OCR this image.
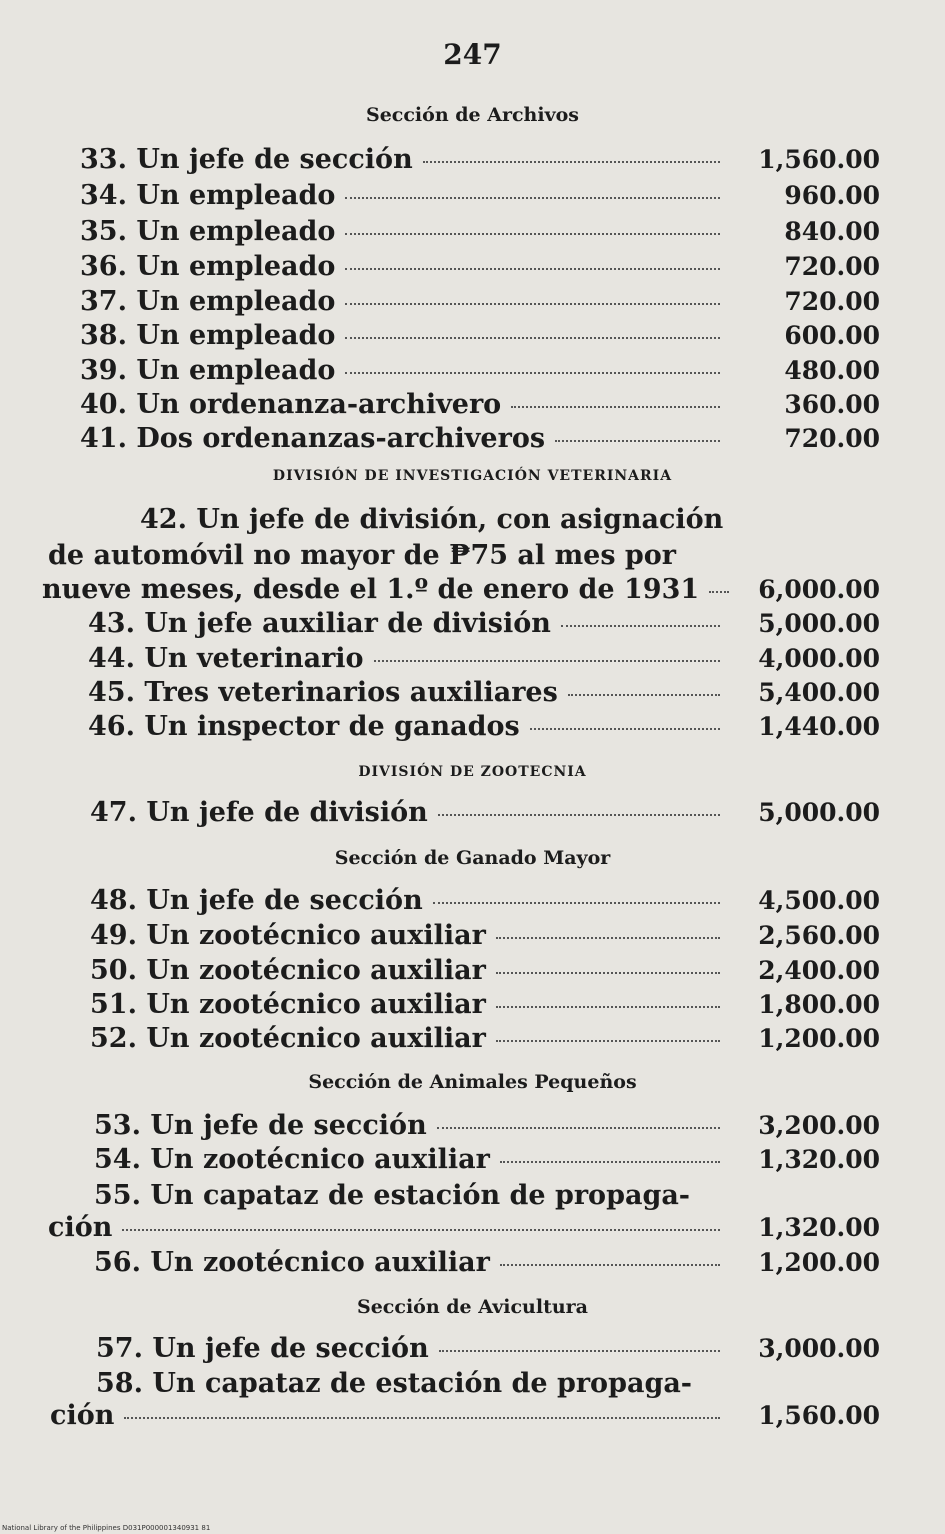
247
Sección de Archivos
33. Un jefe de sección	1,560.00
34. Un empleado	960.00
35. Un empleado	840.00
36. Un empleado	720.00
37. Un empleado	720.00
38. Un empleado	600.00
39. Un empleado	480.00
40. Un ordenanza-archivero	360.00
41. Dos ordenanzas-archiveros	720.00
DIVISIÓN DE INVESTIGACIÓN VETERINARIA
42. Un jefe de división, con asignación
de automóvil no mayor de ₱75 al mes por
nueve meses, desde el 1.º de enero de 1931	6,000.00
43. Un jefe auxiliar de división	5,000.00
44. Un veterinario	4,000.00
45. Tres veterinarios auxiliares	5,400.00
46. Un inspector de ganados	1,440.00
DIVISIÓN DE ZOOTECNIA
47. Un jefe de división	5,000.00
Sección de Ganado Mayor
48. Un jefe de sección	4,500.00
49. Un zootécnico auxiliar	2,560.00
50. Un zootécnico auxiliar	2,400.00
51. Un zootécnico auxiliar	1,800.00
52. Un zootécnico auxiliar	1,200.00
Sección de Animales Pequeños
53. Un jefe de sección	3,200.00
54. Un zootécnico auxiliar	1,320.00
55. Un capataz de estación de propaga-
ción	1,320.00
56. Un zootécnico auxiliar	1,200.00
Sección de Avicultura
57. Un jefe de sección	3,000.00
58. Un capataz de estación de propaga-
ción	1,560.00
National Library of the Philippines D031P000001340931 81
